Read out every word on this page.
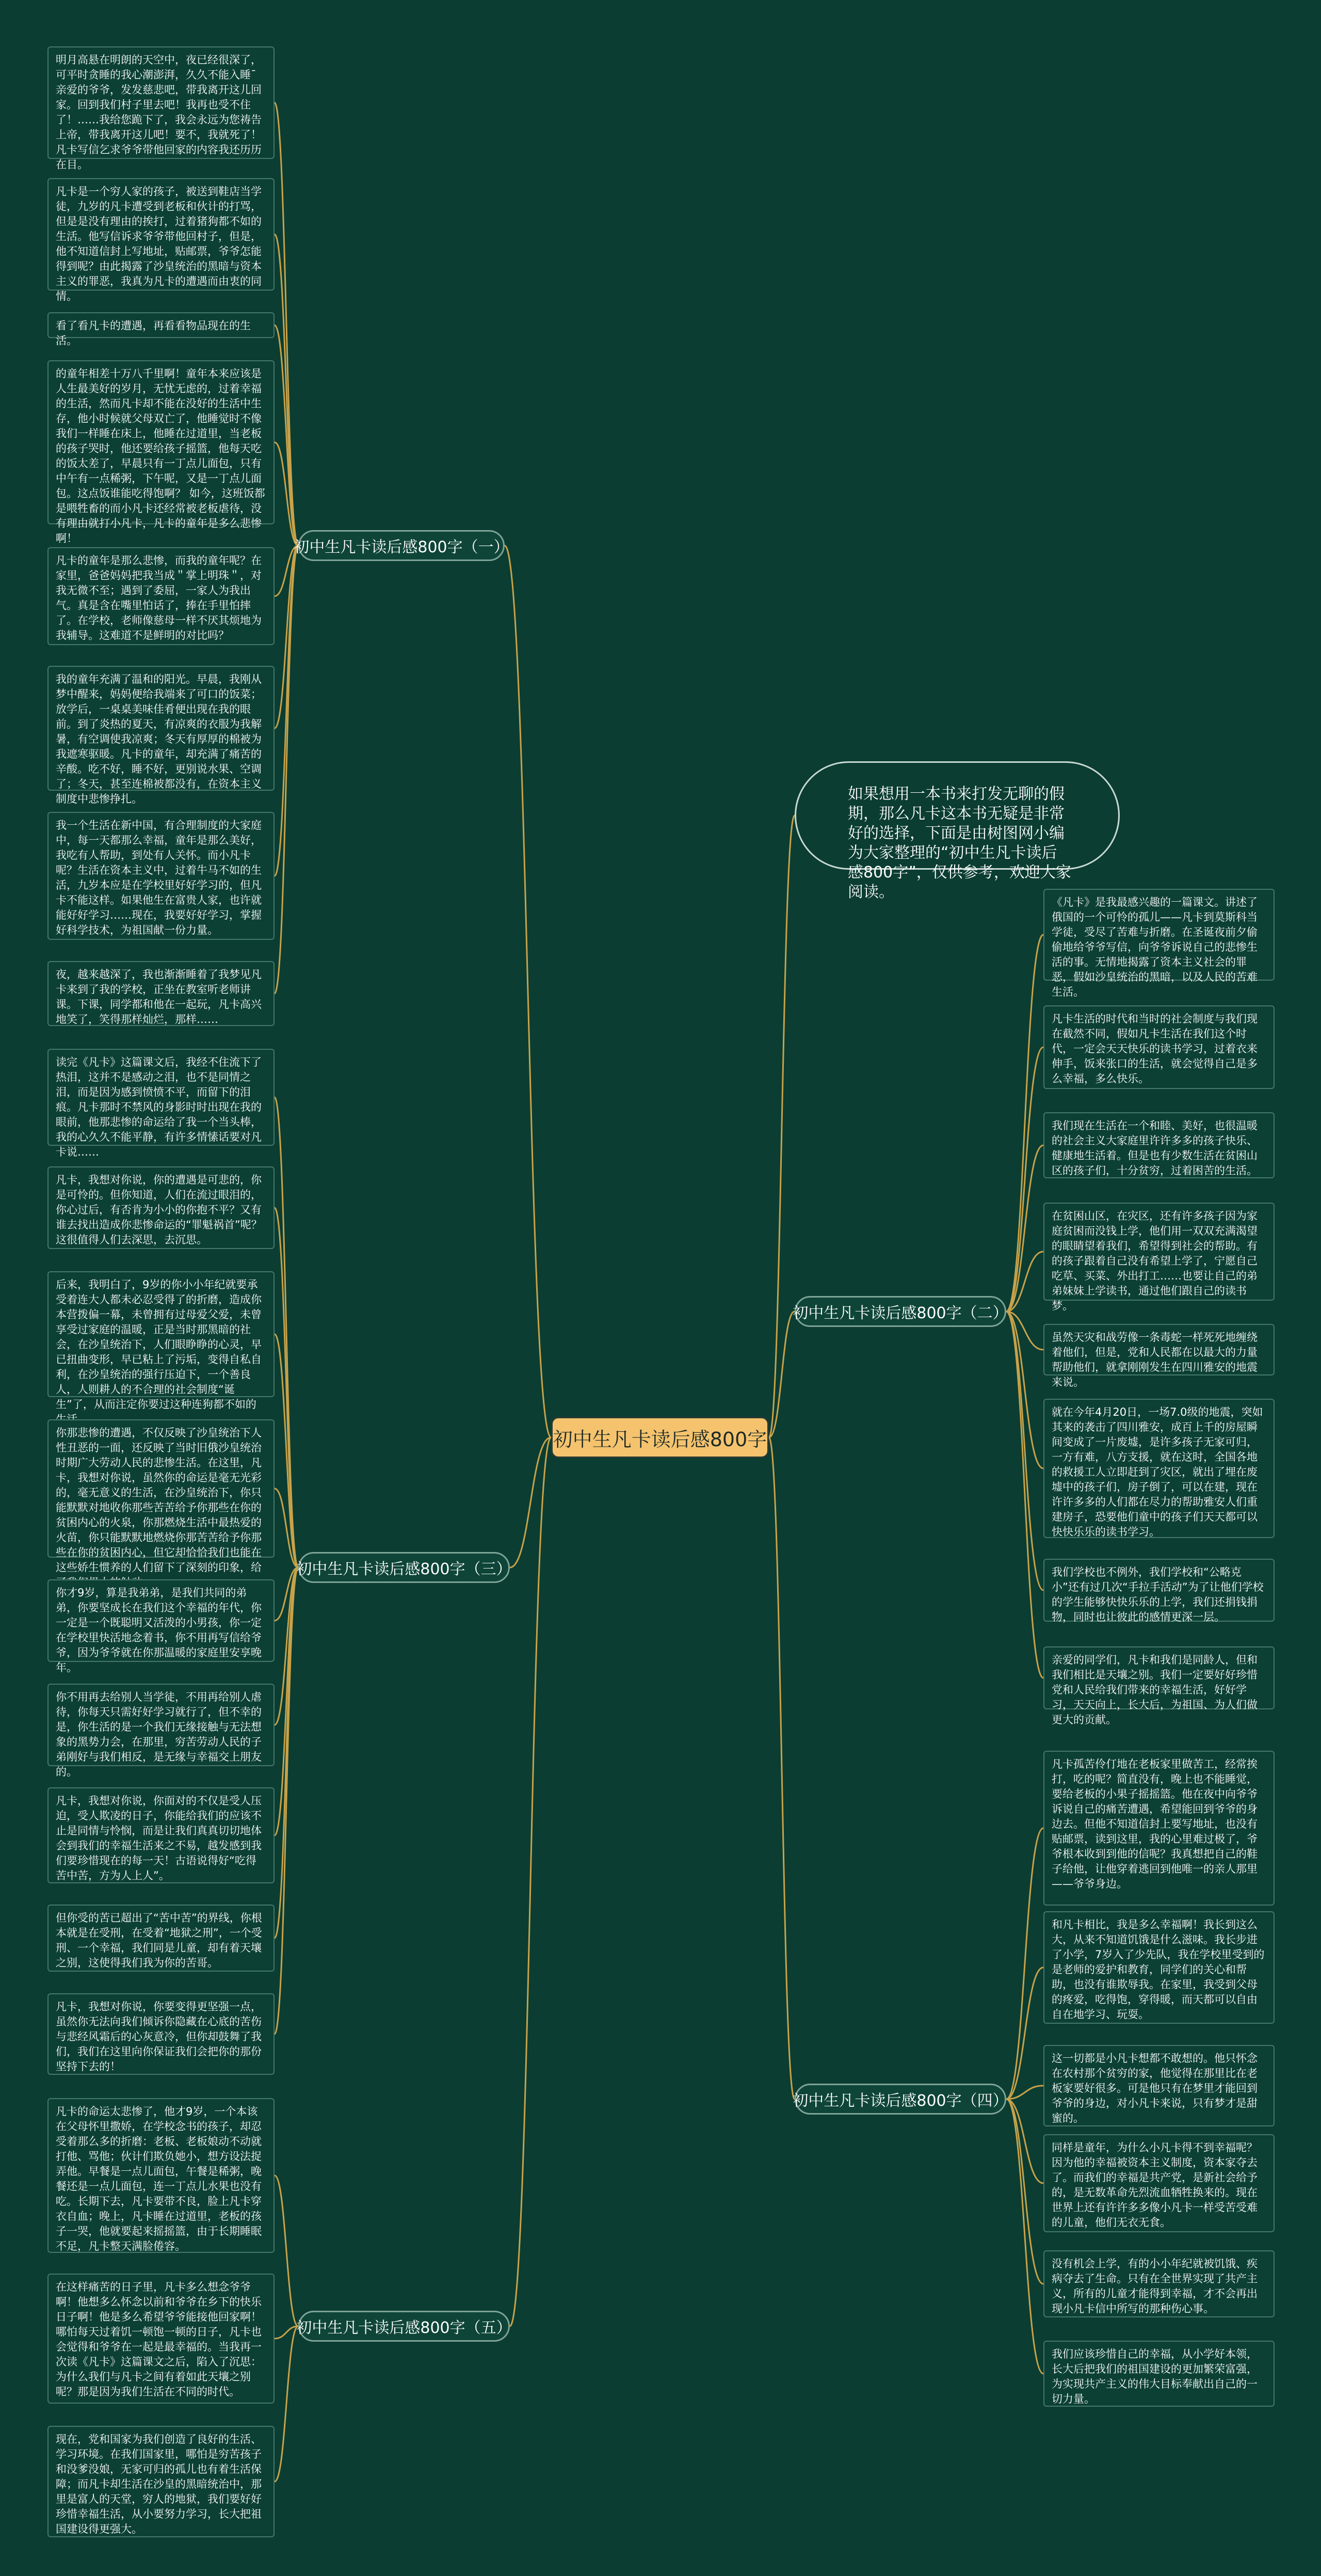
初中生凡卡读后感800字
如果想用一本书来打发无聊的假期，那么凡卡这本书无疑是非常好的选择，下面是由树图网小编为大家整理的“初中生凡卡读后感800字”，仅供参考，欢迎大家阅读。
初中生凡卡读后感800字（一）
初中生凡卡读后感800字（二）
初中生凡卡读后感800字（三）
初中生凡卡读后感800字（四）
初中生凡卡读后感800字（五）
明月高悬在明朗的天空中，夜已经很深了，可平时贪睡的我心潮澎湃，久久不能入睡ˉ亲爱的爷爷，发发慈悲吧，带我离开这儿回家。回到我们村子里去吧！我再也受不住了！……我给您跪下了，我会永远为您祷告上帝，带我离开这儿吧！要不，我就死了！凡卡写信乞求爷爷带他回家的内容我还历历在目。
凡卡是一个穷人家的孩子，被送到鞋店当学徒，九岁的凡卡遭受到老板和伙计的打骂，但是是没有理由的挨打，过着猪狗都不如的生活。他写信诉求爷爷带他回村子，但是，他不知道信封上写地址，贴邮票，爷爷怎能得到呢？由此揭露了沙皇统治的黑暗与资本主义的罪恶，我真为凡卡的遭遇而由衷的同情。
看了看凡卡的遭遇，再看看物品现在的生活。
的童年相差十万八千里啊！童年本来应该是人生最美好的岁月，无忧无虑的，过着幸福的生活，然而凡卡却不能在没好的生活中生存，他小时候就父母双亡了，他睡觉时不像我们一样睡在床上，他睡在过道里，当老板的孩子哭时，他还要给孩子摇篮，他每天吃的饭太差了，早晨只有一丁点儿面包，只有中午有一点稀粥，下午呢，又是一丁点儿面包。这点饭谁能吃得饱啊？ 如今，这班饭都是喂牲畜的而小凡卡还经常被老板虐待，没有理由就打小凡卡，凡卡的童年是多么悲惨啊！
凡卡的童年是那么悲惨，而我的童年呢？在家里，爸爸妈妈把我当成＂掌上明珠＂，对我无微不至；遇到了委屈，一家人为我出气。真是含在嘴里怕话了，捧在手里怕摔了。在学校，老师像慈母一样不厌其烦地为我辅导。这难道不是鲜明的对比吗？
我的童年充满了温和的阳光。早晨，我刚从梦中醒来，妈妈便给我端来了可口的饭菜；放学后，一桌桌美味佳肴便出现在我的眼前。到了炎热的夏天，有凉爽的衣服为我解暑，有空调使我凉爽；冬天有厚厚的棉被为我遮寒驱暖。凡卡的童年，却充满了痛苦的辛酸。吃不好，睡不好，更别说水果、空调了；冬天，甚至连棉被都没有，在资本主义制度中悲惨挣扎。
我一个生活在新中国，有合理制度的大家庭中，每一天都那么幸福，童年是那么美好，我吃有人帮助，到处有人关怀。而小凡卡呢？生活在资本主义中，过着牛马不如的生活，九岁本应是在学校里好好学习的，但凡卡不能这样。如果他生在富贵人家，也许就能好好学习……现在，我要好好学习，掌握好科学技术，为祖国献一份力量。
夜，越来越深了，我也渐渐睡着了我梦见凡卡来到了我的学校，正坐在教室听老师讲课。下课，同学都和他在一起玩，凡卡高兴地笑了，笑得那样灿烂，那样……
《凡卡》是我最感兴趣的一篇课文。讲述了俄国的一个可怜的孤儿——凡卡到莫斯科当学徒，受尽了苦难与折磨。在圣诞夜前夕偷偷地给爷爷写信，向爷爷诉说自己的悲惨生活的事。无情地揭露了资本主义社会的罪恶，假如沙皇统治的黑暗，以及人民的苦难生活。
凡卡生活的时代和当时的社会制度与我们现在截然不同，假如凡卡生活在我们这个时代，一定会天天快乐的读书学习，过着衣来伸手，饭来张口的生活，就会觉得自己是多么幸福，多么快乐。
我们现在生活在一个和睦、美好，也很温暖的社会主义大家庭里许许多多的孩子快乐、健康地生活着。但是也有少数生活在贫困山区的孩子们，十分贫穷，过着困苦的生活。
在贫困山区，在灾区，还有许多孩子因为家庭贫困而没钱上学，他们用一双双充满渴望的眼睛望着我们，希望得到社会的帮助。有的孩子跟着自己没有希望上学了，宁愿自己吃草、买菜、外出打工……也要让自己的弟弟妹妹上学读书，通过他们跟自己的读书梦。
虽然天灾和战劳像一条毒蛇一样死死地缠绕着他们，但是，党和人民都在以最大的力量帮助他们，就拿刚刚发生在四川雅安的地震来说。
就在今年4月20日，一场7.0级的地震，突如其来的袭击了四川雅安，成百上千的房屋瞬间变成了一片废墟，是许多孩子无家可归，一方有难，八方支援，就在这时，全国各地的救援工人立即赶到了灾区，就出了埋在废墟中的孩子们，房子倒了，可以在建，现在许许多多的人们都在尽力的帮助雅安人们重建房子，恐要他们童中的孩子们天天都可以快快乐乐的读书学习。
我们学校也不例外，我们学校和“公略克小”还有过几次“手拉手活动”为了让他们学校的学生能够快快乐乐的上学，我们还捐钱捐物，同时也让彼此的感情更深一层。
亲爱的同学们，凡卡和我们是同龄人，但和我们相比是天壤之别。我们一定要好好珍惜党和人民给我们带来的幸福生活，好好学习，天天向上，长大后，为祖国、为人们做更大的贡献。
读完《凡卡》这篇课文后，我经不住流下了热泪，这并不是感动之泪，也不是同情之泪，而是因为感到愤愤不平，而留下的泪痕。凡卡那时不禁风的身影时时出现在我的眼前，他那悲惨的命运给了我一个当头棒，我的心久久不能平静，有许多情愫话要对凡卡说……
凡卡，我想对你说，你的遭遇是可悲的，你是可怜的。但你知道，人们在流过眼泪的，你心过后，有否肯为小小的你抱不平？又有谁去找出造成你悲惨命运的“罪魁祸首”呢？这很值得人们去深思，去沉思。
后来，我明白了，9岁的你小小年纪就要承受着连大人都未必忍受得了的折磨，造成你本营拨偏一幕，未曾拥有过母爱父爱，未曾享受过家庭的温暖，正是当时那黑暗的社会，在沙皇统治下，人们眼睁睁的心灵，早已扭曲变形，早已粘上了污垢，变得自私自利，在沙皇统治的强行压迫下，一个善良人，人则耕人的不合理的社会制度“诞生”了，从而注定你要过这种连狗都不如的
你那悲惨的遭遇，不仅反映了沙皇统治下人性丑恶的一面，还反映了当时旧俄沙皇统治时期广大劳动人民的悲惨生活。在这里，凡卡，我想对你说，虽然你的命运是毫无光彩的，毫无意义的生活，在沙皇统治下，你只能默默对地收你那些苦苦给予你那些在你的贫困内心的火泉，你那燃烧生活中最热爱的火苗，你只能默默地燃烧你那苦苦给予你那些在你的贫困内心，但它却恰恰我们也能在这些娇生惯养的人们留下了深刻的印象，给
你才9岁，算是我弟弟，是我们共同的弟弟，你要坚成长在我们这个幸福的年代，你一定是一个既聪明又活泼的小男孩，你一定在学校里快活地念着书，你不用再写信给爷爷，因为爷爷就在你那温暖的家庭里安享晚年。
你不用再去给别人当学徒，不用再给别人虐待，你每天只需好好学习就行了，但不幸的是，你生活的是一个我们无缘接触与无法想象的黑势力会，在那里，穷苦劳动人民的子弟刚好与我们相反，是无缘与幸福交上朋友的。
凡卡，我想对你说，你面对的不仅是受人压迫，受人欺凌的日子，你能给我们的应该不止是同情与怜悯，而是让我们真真切切地体会到我们的幸福生活来之不易，越发感到我们要珍惜现在的每一天！古语说得好“吃得苦中苦，方为人上人”。
但你受的苦已超出了“苦中苦”的界线，你根本就是在受刑，在受着“地狱之刑”，一个受刑、一个幸福，我们同是儿童，却有着天壤之别，这使得我们我为你的苦哥。
凡卡，我想对你说，你要变得更坚强一点，虽然你无法向我们倾诉你隐藏在心底的苦伤与悲经风霜后的心灰意冷，但你却鼓舞了我们，我们在这里向你保证我们会把你的那份坚持下去的！
凡卡孤苦伶仃地在老板家里做苦工，经常挨打，吃的呢？简直没有，晚上也不能睡觉，要给老板的小果子摇摇篮。他在夜中向爷爷诉说自己的痛苦遭遇，希望能回到爷爷的身边去。但他不知道信封上要写地址，也没有贴邮票，读到这里，我的心里难过极了，爷爷根本收到到他的信呢？我真想把自己的鞋子给他，让他穿着逃回到他唯一的亲人那里——爷爷身边。
和凡卡相比，我是多么幸福啊！我长到这么大，从来不知道饥饿是什么滋味。我长步进了小学，7岁入了少先队，我在学校里受到的是老师的爱护和教育，同学们的关心和帮助，也没有谁欺辱我。在家里，我受到父母的疼爱，吃得饱，穿得暖，而天都可以自由自在地学习、玩耍。
这一切都是小凡卡想都不敢想的。他只怀念在农村那个贫穷的家，他觉得在那里比在老板家要好很多。可是他只有在梦里才能回到爷爷的身边，对小凡卡来说，只有梦才是甜蜜的。
同样是童年，为什么小凡卡得不到幸福呢？因为他的幸福被资本主义制度，资本家夺去了。而我们的幸福是共产党，是新社会给予的，是无数革命先烈流血牺牲换来的。现在世界上还有许许多多像小凡卡一样受苦受难的儿童，他们无衣无食。
没有机会上学，有的小小年纪就被饥饿、疾病夺去了生命。只有在全世界实现了共产主义，所有的儿童才能得到幸福，才不会再出现小凡卡信中所写的那种伤心事。
我们应该珍惜自己的幸福，从小学好本领，长大后把我们的祖国建设的更加繁荣富强，为实现共产主义的伟大目标奉献出自己的一切力量。
凡卡的命运太悲惨了，他才9岁，一个本该在父母怀里撒娇，在学校念书的孩子，却忍受着那么多的折磨：老板、老板娘动不动就打他、骂他；伙计们欺负她小，想方设法捉弄他。早餐是一点儿面包，午餐是稀粥，晚餐还是一点儿面包，连一丁点儿水果也没有吃。长期下去，凡卡要带不良，脸上凡卡穿衣自血；晚上，凡卡睡在过道里，老板的孩子一哭，他就要起来摇摇篮，由于长期睡眠不足，凡卡整天满脸倦容。
在这样痛苦的日子里，凡卡多么想念爷爷啊！他想多么怀念以前和爷爷在乡下的快乐日子啊！他是多么希望爷爷能接他回家啊！哪怕每天过着饥一顿饱一顿的日子，凡卡也会觉得和爷爷在一起是最幸福的。当我再一次读《凡卡》这篇课文之后，陷入了沉思：为什么我们与凡卡之间有着如此天壤之别呢？那是因为我们生活在不同的时代。
现在，党和国家为我们创造了良好的生活、学习环境。在我们国家里，哪怕是穷苦孩子和没爹没娘，无家可归的孤儿也有着生活保障；而凡卡却生活在沙皇的黑暗统治中，那里是富人的天堂，穷人的地狱，我们要好好珍惜幸福生活，从小要努力学习，长大把祖国建设得更强大。
